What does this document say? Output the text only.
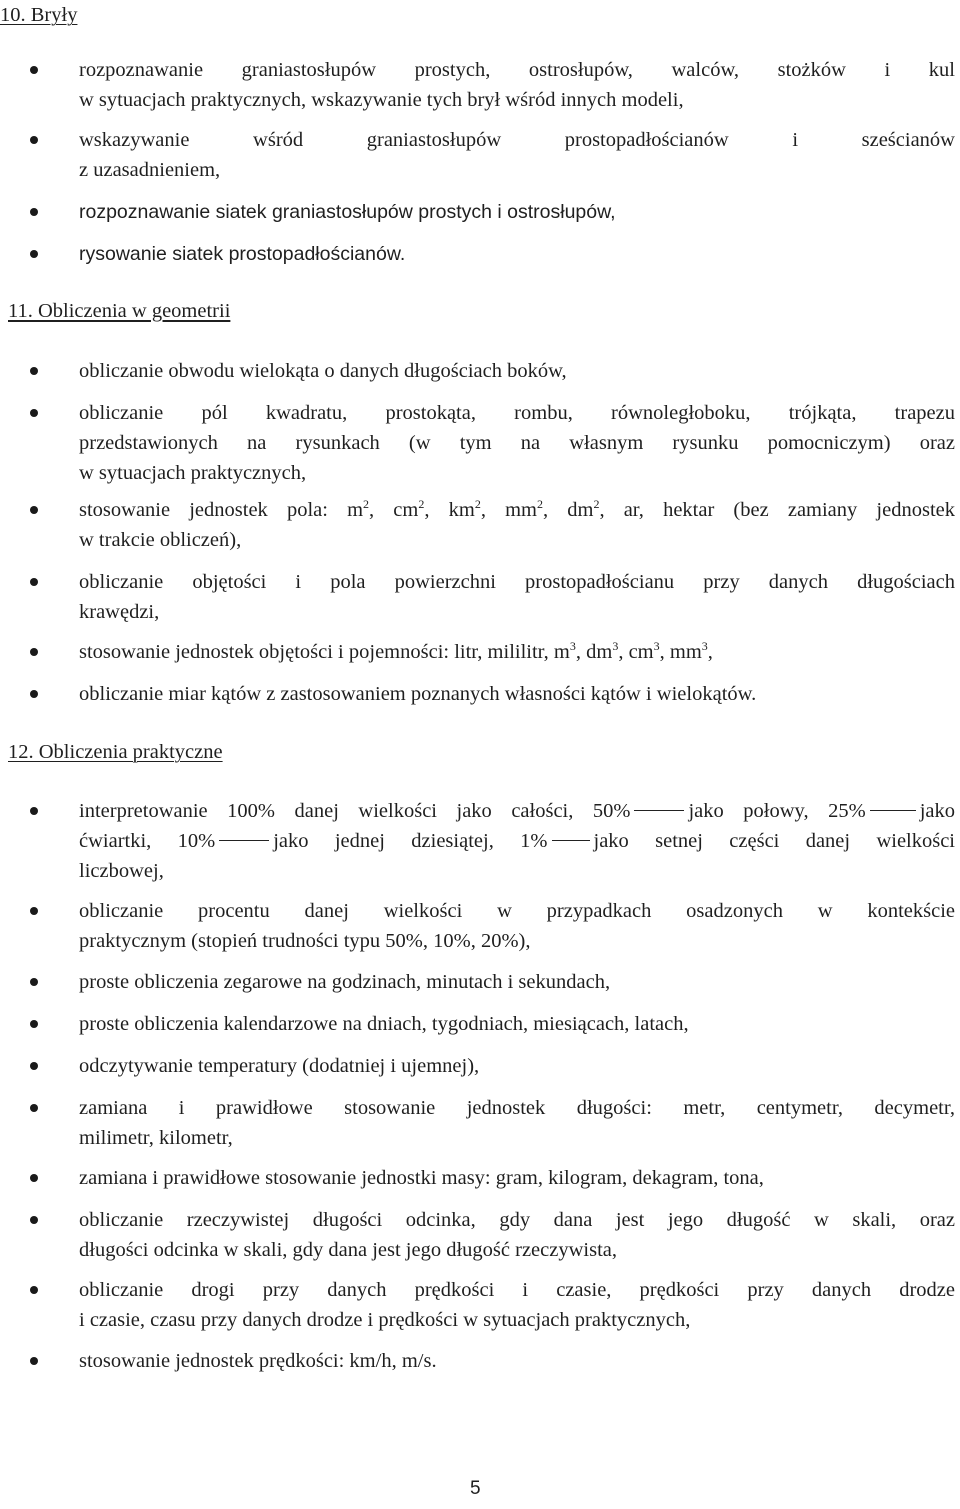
10. Bryły
rozpoznawanie graniastosłupów prostych, ostrosłupów, walców, stożków i kul
w sytuacjach praktycznych, wskazywanie tych brył wśród innych modeli,
wskazywanie wśród graniastosłupów prostopadłościanów i sześcianów
z uzasadnieniem,
rozpoznawanie siatek graniastosłupów prostych i ostrosłupów,
rysowanie siatek prostopadłościanów.
11. Obliczenia w geometrii
obliczanie obwodu wielokąta o danych długościach boków,
obliczanie pól kwadratu, prostokąta, rombu, równoległoboku, trójkąta, trapezu
przedstawionych na rysunkach (w tym na własnym rysunku pomocniczym) oraz
w sytuacjach praktycznych,
stosowanie jednostek pola: $m^2$, $cm^2$, $km^2$, $mm^2$, $dm^2$, ar, hektar (bez zamiany jednostek
w trakcie obliczeń),
obliczanie objętości i pola powierzchni prostopadłościanu przy danych długościach
krawędzi,
stosowanie jednostek objętości i pojemności: litr, mililitr, $m^3$, $dm^3$, $cm^3$, $mm^3$,
obliczanie miar kątów z zastosowaniem poznanych własności kątów i wielokątów.
12. Obliczenia praktyczne
interpretowanie 100% danej wielkości jako całości, 50%	jako połowy, 25%	jako
ćwiartki, 10%	jako jednej dziesiątej, 1% jako setnej części danej wielkości
liczbowej,
obliczanie procentu danej wielkości w przypadkach osadzonych w kontekście
praktycznym (stopień trudności typu 50%, 10%, 20%),
proste obliczenia zegarowe na godzinach, minutach i sekundach,
proste obliczenia kalendarzowe na dniach, tygodniach, miesiącach, latach,
odczytywanie temperatury (dodatniej i ujemnej),
zamiana i prawidłowe stosowanie jednostek długości: metr, centymetr, decymetr,
milimetr, kilometr,
zamiana i prawidłowe stosowanie jednostki masy: gram, kilogram, dekagram, tona,
obliczanie rzeczywistej długości odcinka, gdy dana jest jego długość w skali, oraz
długości odcinka w skali, gdy dana jest jego długość rzeczywista,
obliczanie drogi przy danych prędkości i czasie, prędkości przy danych drodze
i czasie, czasu przy danych drodze i prędkości w sytuacjach praktycznych,
stosowanie jednostek prędkości: km/h, m/s.
5
